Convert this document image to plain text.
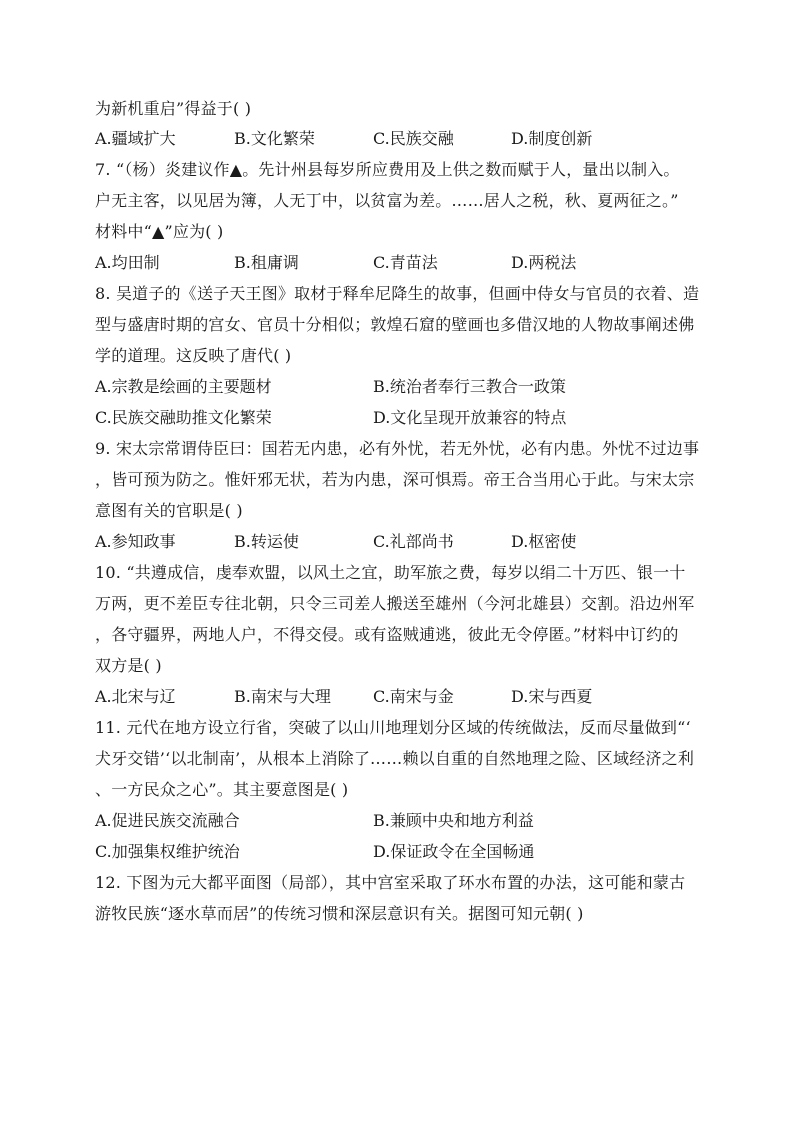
为新机重启”得益于( )
A.疆域扩大	B.文化繁荣	C.民族交融	D.制度创新
7. “（杨）炎建议作▲。先计州县每岁所应费用及上供之数而赋于人，量出以制入。
户无主客，以见居为簿，人无丁中，以贫富为差。……居人之税，秋、夏两征之。”
材料中“▲”应为( )
A.均田制	B.租庸调	C.青苗法	D.两税法
8. 吴道子的《送子天王图》取材于释牟尼降生的故事，但画中侍女与官员的衣着、造
型与盛唐时期的宫女、官员十分相似；敦煌石窟的壁画也多借汉地的人物故事阐述佛
学的道理。这反映了唐代( )
A.宗教是绘画的主要题材	B.统治者奉行三教合一政策
C.民族交融助推文化繁荣	D.文化呈现开放兼容的特点
9. 宋太宗常谓侍臣曰：国若无内患，必有外忧，若无外忧，必有内患。外忧不过边事
，皆可预为防之。惟奸邪无状，若为内患，深可惧焉。帝王合当用心于此。与宋太宗
意图有关的官职是( )
A.参知政事	B.转运使	C.礼部尚书	D.枢密使
10. “共遵成信，虔奉欢盟，以风土之宜，助军旅之费，每岁以绢二十万匹、银一十
万两，更不差臣专往北朝，只令三司差人搬送至雄州（今河北雄县）交割。沿边州军
，各守疆界，两地人户，不得交侵。或有盗贼逋逃，彼此无令停匿。”材料中订约的
双方是( )
A.北宋与辽	B.南宋与大理	C.南宋与金	D.宋与西夏
11. 元代在地方设立行省，突破了以山川地理划分区域的传统做法，反而尽量做到“‘
犬牙交错’‘以北制南’，从根本上消除了……赖以自重的自然地理之险、区域经济之利
、一方民众之心”。其主要意图是( )
A.促进民族交流融合	B.兼顾中央和地方利益
C.加强集权维护统治	D.保证政令在全国畅通
12. 下图为元大都平面图（局部），其中宫室采取了环水布置的办法，这可能和蒙古
游牧民族“逐水草而居”的传统习惯和深层意识有关。据图可知元朝( )
